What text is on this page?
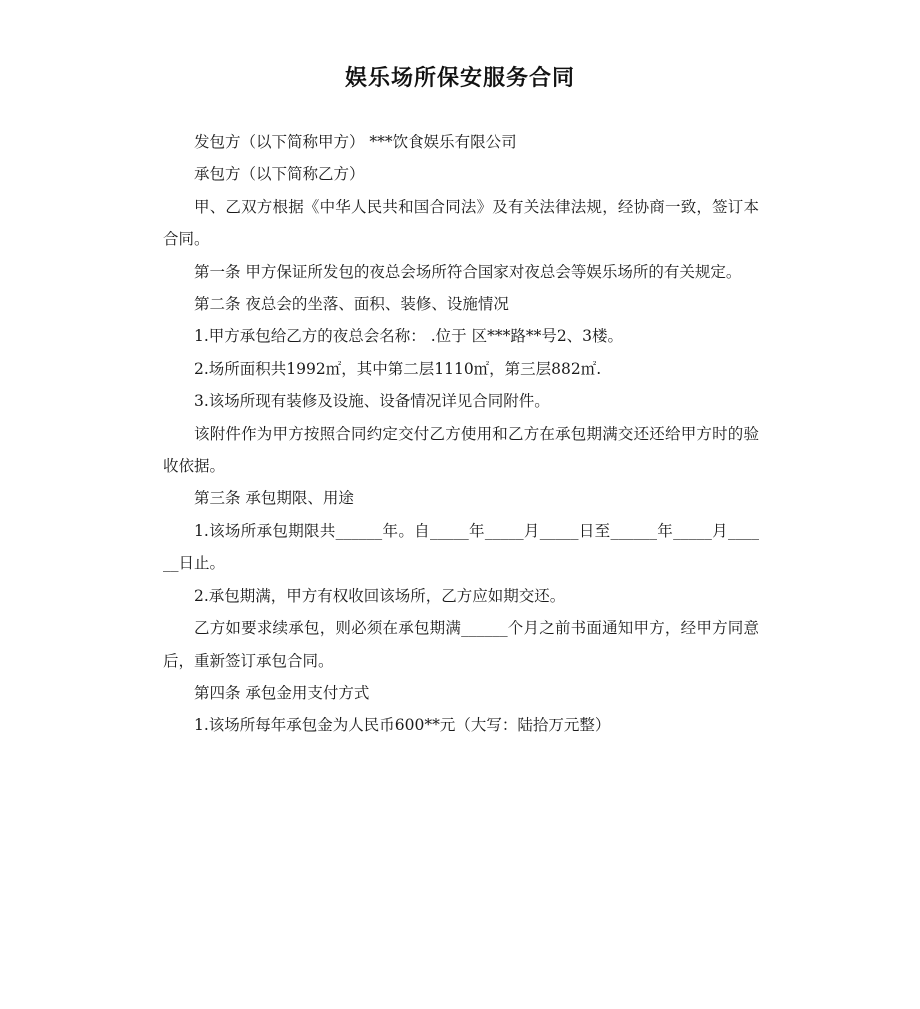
娱乐场所保安服务合同

发包方（以下简称甲方） ***饮食娱乐有限公司

承包方（以下简称乙方）

甲、乙双方根据《中华人民共和国合同法》及有关法律法规，经协商一致，签订本合同。

第一条 甲方保证所发包的夜总会场所符合国家对夜总会等娱乐场所的有关规定。

第二条 夜总会的坐落、面积、装修、设施情况

1.甲方承包给乙方的夜总会名称： .位于 区***路**号2、3楼。

2.场所面积共1992㎡，其中第二层1110㎡，第三层882㎡.

3.该场所现有装修及设施、设备情况详见合同附件。

该附件作为甲方按照合同约定交付乙方使用和乙方在承包期满交还还给甲方时的验收依据。

第三条 承包期限、用途

1.该场所承包期限共______年。自_____年_____月_____日至______年_____月______日止。

2.承包期满，甲方有权收回该场所，乙方应如期交还。

乙方如要求续承包，则必须在承包期满______个月之前书面通知甲方，经甲方同意后，重新签订承包合同。

第四条 承包金用支付方式

1.该场所每年承包金为人民币600**元（大写：陆拾万元整）
